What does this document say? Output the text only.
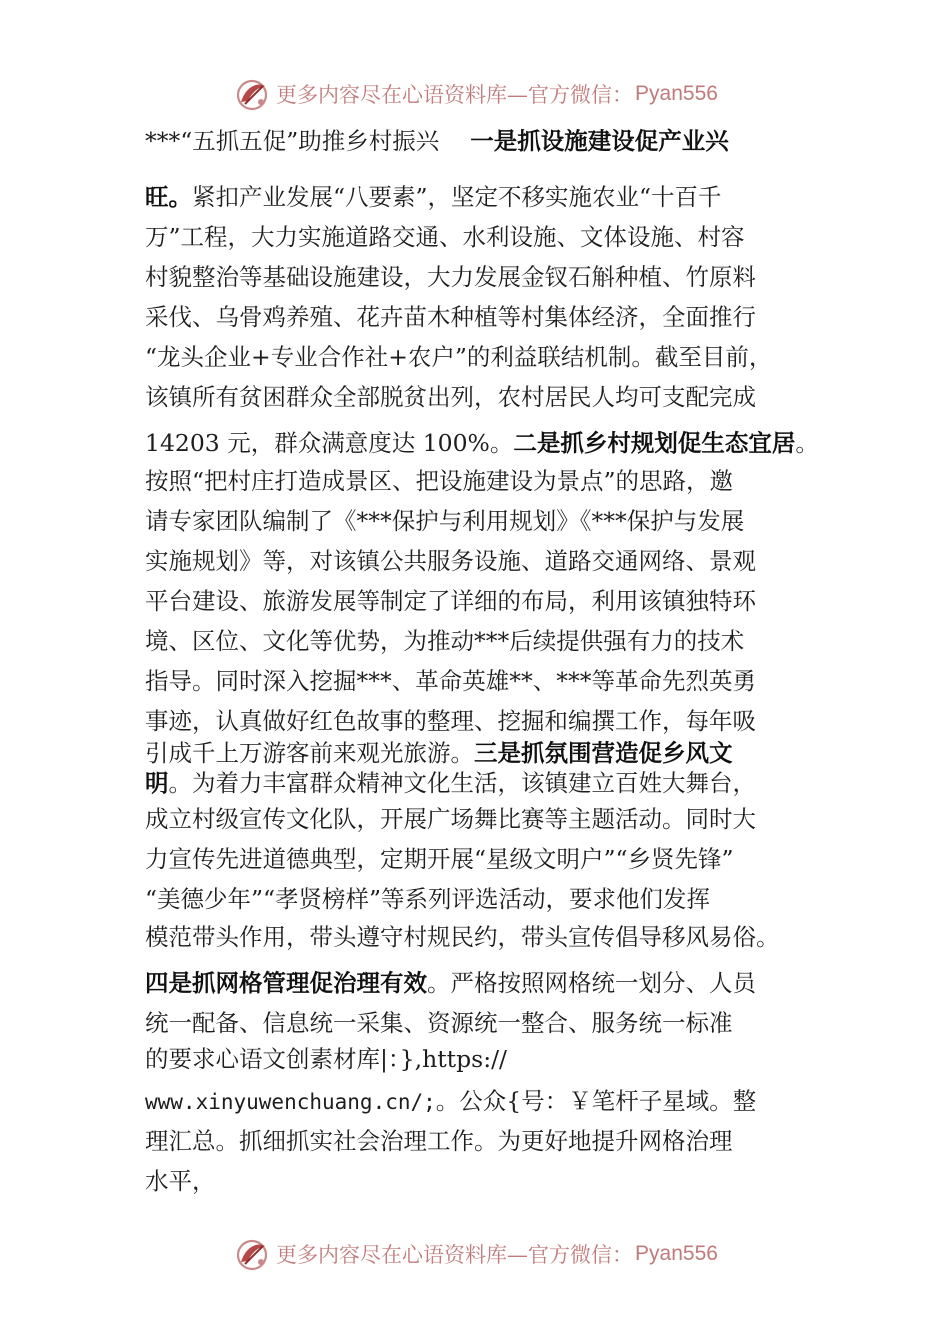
更多内容尽在心语资料库—官方微信： Pyan556
***“五抓五促”助推乡村振兴　 一是抓设施建设促产业兴
旺。紧扣产业发展“八要素”，坚定不移实施农业“十百千
万”工程，大力实施道路交通、水利设施、文体设施、村容
村貌整治等基础设施建设，大力发展金钗石斛种植、竹原料
采伐、乌骨鸡养殖、花卉苗木种植等村集体经济，全面推行
“龙头企业+专业合作社+农户”的利益联结机制。截至目前，
该镇所有贫困群众全部脱贫出列，农村居民人均可支配完成
14203 元，群众满意度达 100%。二是抓乡村规划促生态宜居。
按照“把村庄打造成景区、把设施建设为景点”的思路，邀
请专家团队编制了《***保护与利用规划》《***保护与发展
实施规划》等，对该镇公共服务设施、道路交通网络、景观
平台建设、旅游发展等制定了详细的布局，利用该镇独特环
境、区位、文化等优势，为推动***后续提供强有力的技术
指导。同时深入挖掘***、革命英雄**、***等革命先烈英勇
事迹，认真做好红色故事的整理、挖掘和编撰工作，每年吸
引成千上万游客前来观光旅游。三是抓氛围营造促乡风文
明。为着力丰富群众精神文化生活，该镇建立百姓大舞台，
成立村级宣传文化队，开展广场舞比赛等主题活动。同时大
力宣传先进道德典型，定期开展“星级文明户”“乡贤先锋”
“美德少年”“孝贤榜样”等系列评选活动，要求他们发挥
模范带头作用，带头遵守村规民约，带头宣传倡导移风易俗。
四是抓网格管理促治理有效。严格按照网格统一划分、人员
统一配备、信息统一采集、资源统一整合、服务统一标准
的要求心语文创素材库|：},https://
www.xinyuwenchuang.cn/;。公众{号：￥笔杆子星域。整
理汇总。抓细抓实社会治理工作。为更好地提升网格治理
水平，
更多内容尽在心语资料库—官方微信： Pyan556
